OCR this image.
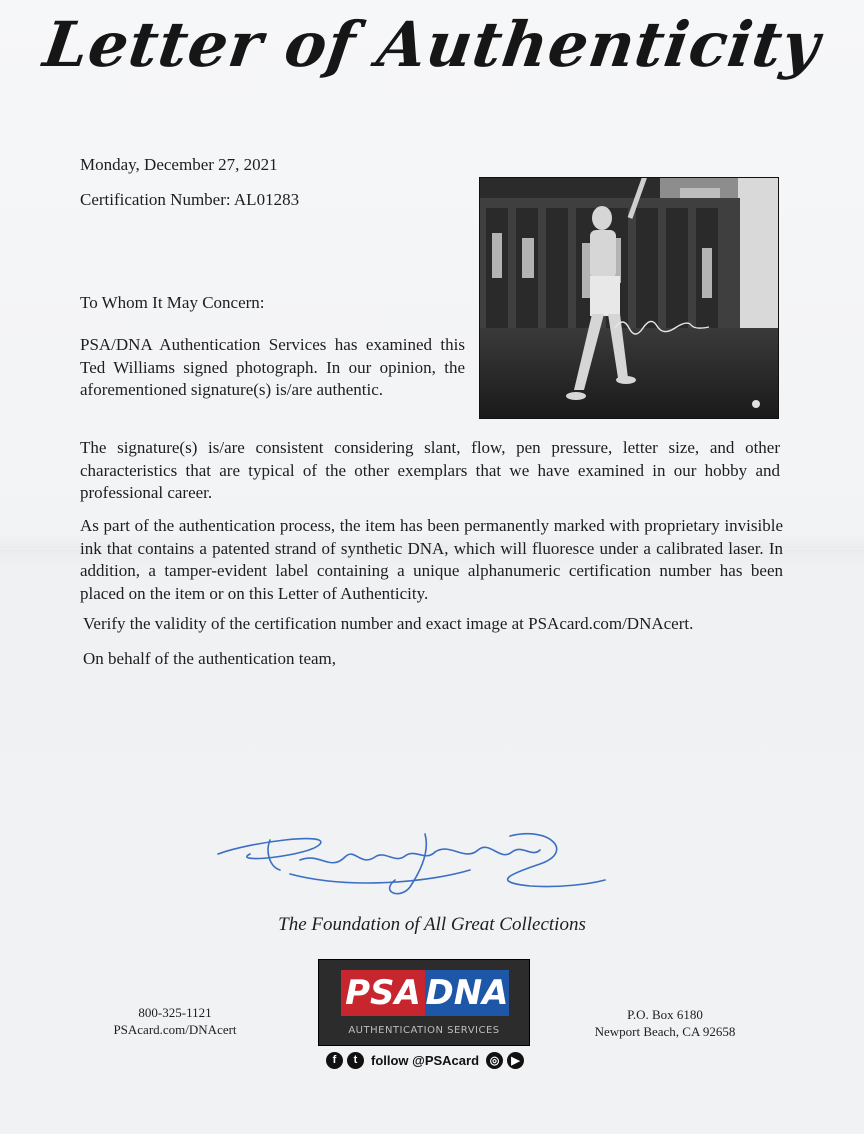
Letter of Authenticity
Monday, December 27, 2021
Certification Number: AL01283
To Whom It May Concern:
PSA/DNA Authentication Services has examined this Ted Williams signed photograph. In our opinion, the aforementioned signature(s) is/are authentic.
The signature(s) is/are consistent considering slant, flow, pen pressure, letter size, and other characteristics that are typical of the other exemplars that we have examined in our hobby and professional career.
As part of the authentication process, the item has been permanently marked with proprietary invisible ink that contains a patented strand of synthetic DNA, which will fluoresce under a calibrated laser. In addition, a tamper-evident label containing a unique alphanumeric certification number has been placed on the item or on this Letter of Authenticity.
Verify the validity of the certification number and exact image at PSAcard.com/DNAcert.
On behalf of the authentication team,
The Foundation of All Great Collections
800-325-1121
PSAcard.com/DNAcert
PSA DNA
AUTHENTICATION SERVICES
P.O. Box 6180
Newport Beach, CA 92658
f	t	follow @PSAcard ◎	▶
